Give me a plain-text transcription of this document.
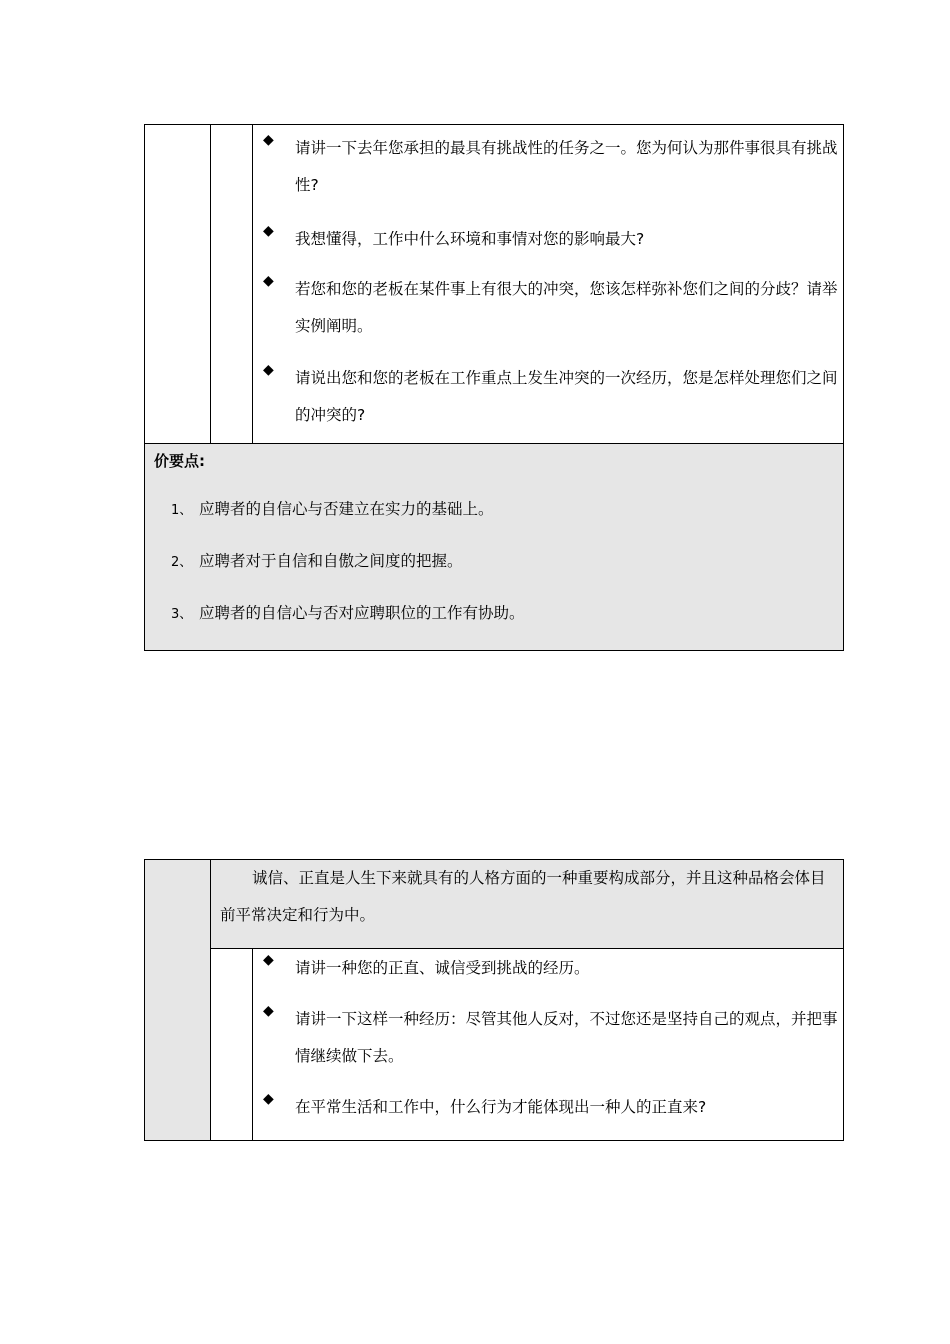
◆ 请讲一下去年您承担的最具有挑战性的任务之一。您为何认为那件事很具有挑战性?
◆ 我想懂得，工作中什么环境和事情对您的影响最大?
◆ 若您和您的老板在某件事上有很大的冲突，您该怎样弥补您们之间的分歧？请举实例阐明。
◆ 请说出您和您的老板在工作重点上发生冲突的一次经历，您是怎样处理您们之间的冲突的?
价要点:
1、 应聘者的自信心与否建立在实力的基础上。
2、 应聘者对于自信和自傲之间度的把握。
3、 应聘者的自信心与否对应聘职位的工作有协助。
诚信、正直是人生下来就具有的人格方面的一种重要构成部分，并且这种品格会体目前平常决定和行为中。
◆ 请讲一种您的正直、诚信受到挑战的经历。
◆ 请讲一下这样一种经历：尽管其他人反对，不过您还是坚持自己的观点，并把事情继续做下去。
◆ 在平常生活和工作中，什么行为才能体现出一种人的正直来?
